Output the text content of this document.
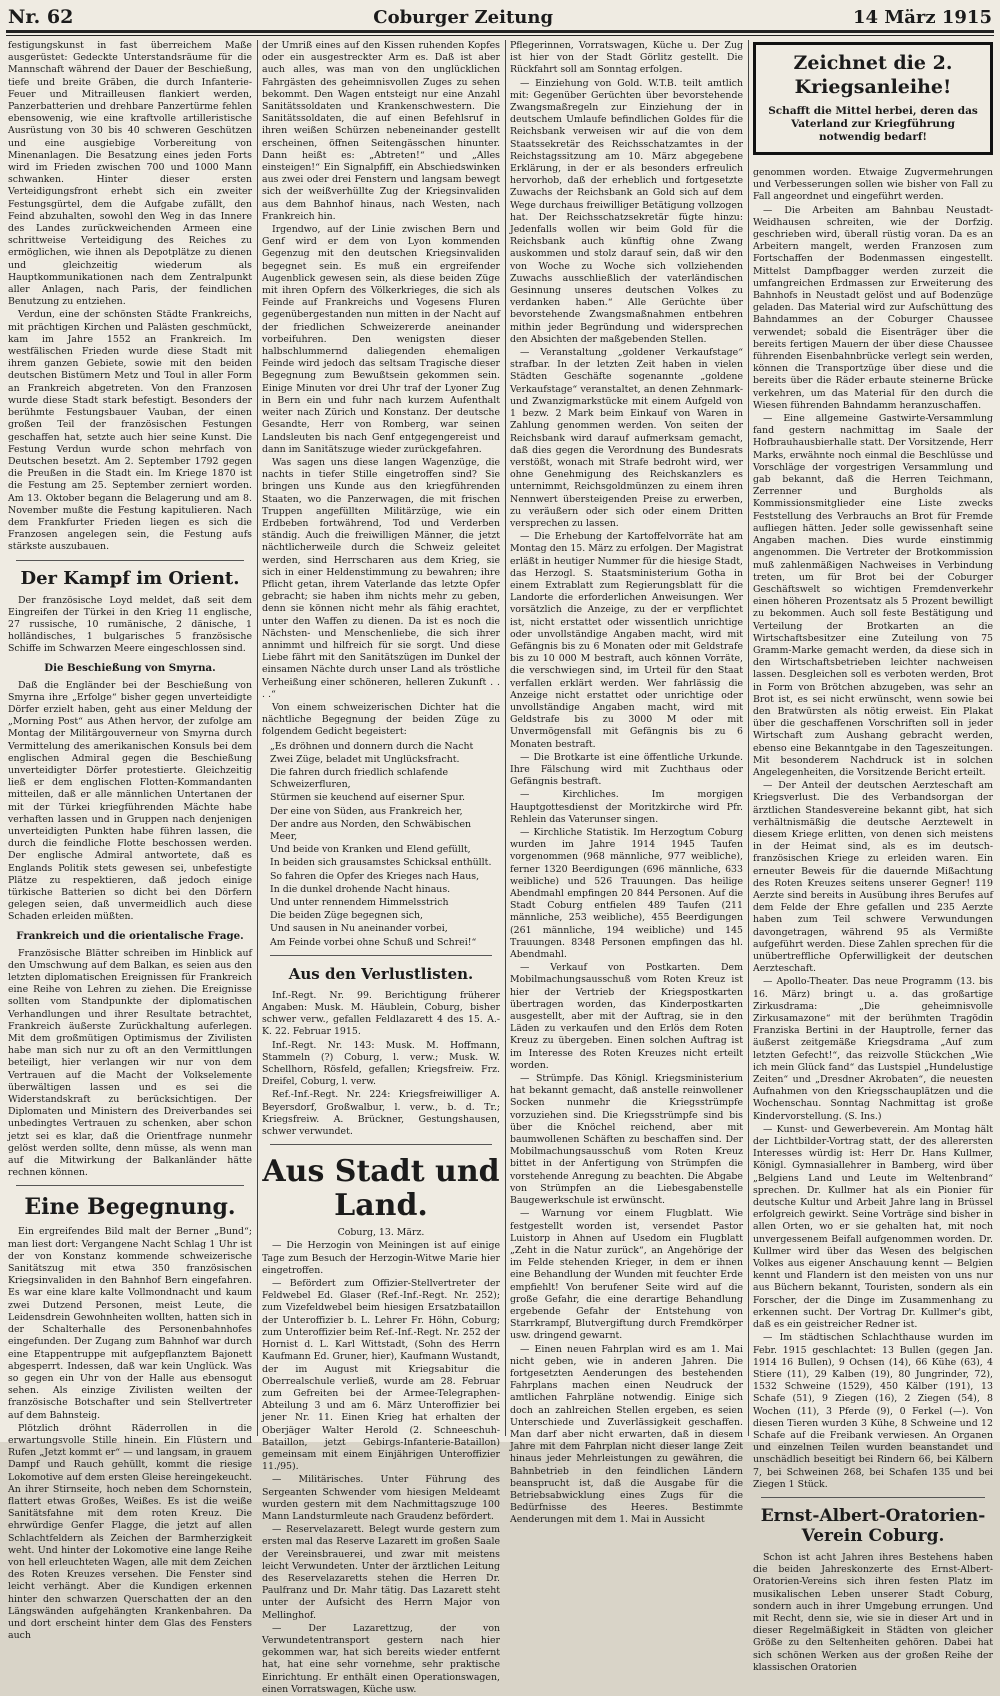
Nr. 62	Coburger Zeitung	14 März 1915

festigungskunst in fast überreichem Maße ausgerüstet: Gedeckte Unterstandsräume für die Mannschaft während der Dauer der Beschießung, tiefe und breite Gräben, die durch Infanterie-Feuer und Mitrailleusen flankiert werden, Panzerbatterien und drehbare Panzertürme fehlen ebensowenig, wie eine kraftvolle artilleristische Ausrüstung von 30 bis 40 schweren Geschützen und eine ausgiebige Vorbereitung von Minenanlagen. Die Besatzung eines jeden Forts wird im Frieden zwischen 700 und 1000 Mann schwanken. Hinter dieser ersten Verteidigungsfront erhebt sich ein zweiter Festungsgürtel, dem die Aufgabe zufällt, den Feind abzuhalten, sowohl den Weg in das Innere des Landes zurückweichenden Armeen eine schrittweise Verteidigung des Reiches zu ermöglichen, wie ihnen als Depotplätze zu dienen und gleichzeitig wiederum als Hauptkommunikationen nach dem Zentralpunkt aller Anlagen, nach Paris, der feindlichen Benutzung zu entziehen.

Verdun, eine der schönsten Städte Frankreichs, mit prächtigen Kirchen und Palästen geschmückt, kam im Jahre 1552 an Frankreich. Im westfälischen Frieden wurde diese Stadt mit ihrem ganzen Gebiete, sowie mit den beiden deutschen Bistümern Metz und Toul in aller Form an Frankreich abgetreten. Von den Franzosen wurde diese Stadt stark befestigt. Besonders der berühmte Festungsbauer Vauban, der einen großen Teil der französischen Festungen geschaffen hat, setzte auch hier seine Kunst. Die Festung Verdun wurde schon mehrfach von Deutschen besetzt. Am 2. September 1792 gegen die Preußen in die Stadt ein. Im Kriege 1870 ist die Festung am 25. September zerniert worden. Am 13. Oktober begann die Belagerung und am 8. November mußte die Festung kapitulieren. Nach dem Frankfurter Frieden liegen es sich die Franzosen angelegen sein, die Festung aufs stärkste auszubauen.

Der Kampf im Orient.

Der französische Loyd meldet, daß seit dem Eingreifen der Türkei in den Krieg 11 englische, 27 russische, 10 rumänische, 2 dänische, 1 holländisches, 1 bulgarisches 5 französische Schiffe im Schwarzen Meere eingeschlossen sind.

Die Beschießung von Smyrna.

Daß die Engländer bei der Beschießung von Smyrna ihre „Erfolge“ bisher gegen unverteidigte Dörfer erzielt haben, geht aus einer Meldung der „Morning Post“ aus Athen hervor, der zufolge am Montag der Militärgouverneur von Smyrna durch Vermittelung des amerikanischen Konsuls bei dem englischen Admiral gegen die Beschießung unverteidigter Dörfer protestierte. Gleichzeitig ließ er dem englischen Flotten-Kommandanten mitteilen, daß er alle männlichen Untertanen der mit der Türkei kriegführenden Mächte habe verhaften lassen und in Gruppen nach denjenigen unverteidigten Punkten habe führen lassen, die durch die feindliche Flotte beschossen werden. Der englische Admiral antwortete, daß es Englands Politik stets gewesen sei, unbefestigte Plätze zu respektieren, daß jedoch einige türkische Batterien so dicht bei den Dörfern gelegen seien, daß unvermeidlich auch diese Schaden erleiden müßten.

Frankreich und die orientalische Frage.

Französische Blätter schreiben im Hinblick auf den Umschwung auf dem Balkan, es seien aus den letzten diplomatischen Ereignissen für Frankreich eine Reihe von Lehren zu ziehen. Die Ereignisse sollten vom Standpunkte der diplomatischen Verhandlungen und ihrer Resultate betrachtet, Frankreich äußerste Zurückhaltung auferlegen. Mit dem großmütigen Optimismus der Zivilisten habe man sich nur zu oft an den Vermittlungen beteiligt, hier verlangen wir nur von dem Vertrauen auf die Macht der Volkselemente überwältigen lassen und es sei die Widerstandskraft zu berücksichtigen. Der Diplomaten und Ministern des Dreiverbandes sei unbedingtes Vertrauen zu schenken, aber schon jetzt sei es klar, daß die Orientfrage nunmehr gelöst werden sollte, denn müsse, als wenn man auf die Mitwirkung der Balkanländer hätte rechnen können.

Eine Begegnung.

Ein ergreifendes Bild malt der Berner „Bund“; man liest dort: Vergangene Nacht Schlag 1 Uhr ist der von Konstanz kommende schweizerische Sanitätszug mit etwa 350 französischen Kriegsinvaliden in den Bahnhof Bern eingefahren. Es war eine klare kalte Vollmondnacht und kaum zwei Dutzend Personen, meist Leute, die Leidensdrein Gewohnheiten wollten, hatten sich in der Schalterhalle des Personenbahnhofes eingefunden. Der Zugang zum Bahnhof war durch eine Etappentruppe mit aufgepflanztem Bajonett abgesperrt. Indessen, daß war kein Unglück. Was so gegen ein Uhr von der Halle aus ebensogut sehen. Als einzige Zivilisten weilten der französische Botschafter und sein Stellvertreter auf dem Bahnsteig.

Plötzlich dröhnt Räderrollen in die erwartungsvolle Stille hinein. Ein Flüstern und Rufen „Jetzt kommt er“ — und langsam, in grauem Dampf und Rauch gehüllt, kommt die riesige Lokomotive auf dem ersten Gleise hereingekeucht. An ihrer Stirnseite, hoch neben dem Schornstein, flattert etwas Großes, Weißes. Es ist die weiße Sanitätsfahne mit dem roten Kreuz. Die ehrwürdige Genfer Flagge, die jetzt auf allen Schlachtfeldern als Zeichen der Barmherzigkeit weht. Und hinter der Lokomotive eine lange Reihe von hell erleuchteten Wagen, alle mit dem Zeichen des Roten Kreuzes versehen. Die Fenster sind leicht verhängt. Aber die Kundigen erkennen hinter den schwarzen Querschatten der an den Längswänden aufgehängten Krankenbahren. Da und dort erscheint hinter dem Glas des Fensters auch

der Umriß eines auf den Kissen ruhenden Kopfes oder ein ausgestreckter Arm es. Daß ist aber auch alles, was man von den unglücklichen Fahrgästen des geheimnisvollen Zuges zu sehen bekommt. Den Wagen entsteigt nur eine Anzahl Sanitätssoldaten und Krankenschwestern. Die Sanitätssoldaten, die auf einen Befehlsruf in ihren weißen Schürzen nebeneinander gestellt erscheinen, öffnen Seitengässchen hinunter. Dann heißt es: „Abtreten!“ und „Alles einsteigen!“ Ein Signalpfiff, ein Abschiedswinken aus zwei oder drei Fenstern und langsam bewegt sich der weißverhüllte Zug der Kriegsinvaliden aus dem Bahnhof hinaus, nach Westen, nach Frankreich hin.

Irgendwo, auf der Linie zwischen Bern und Genf wird er dem von Lyon kommenden Gegenzug mit den deutschen Kriegsinvaliden begegnet sein. Es muß ein ergreifender Augenblick gewesen sein, als diese beiden Züge mit ihren Opfern des Völkerkrieges, die sich als Feinde auf Frankreichs und Vogesens Fluren gegenübergestanden nun mitten in der Nacht auf der friedlichen Schweizererde aneinander vorbeifuhren. Den wenigsten dieser halbschlummernd daliegenden ehemaligen Feinde wird jedoch das seltsam Tragische dieser Begegnung zum Bewußtsein gekommen sein. Einige Minuten vor drei Uhr traf der Lyoner Zug in Bern ein und fuhr nach kurzem Aufenthalt weiter nach Zürich und Konstanz. Der deutsche Gesandte, Herr von Romberg, war seinen Landsleuten bis nach Genf entgegengereist und dann im Sanitätszuge wieder zurückgefahren.

Was sagen uns diese langen Wagenzüge, die nachts in tiefer Stille eingetroffen sind? Sie bringen uns Kunde aus den kriegführenden Staaten, wo die Panzerwagen, die mit frischen Truppen angefüllten Militärzüge, wie ein Erdbeben fortwährend, Tod und Verderben ständig. Auch die freiwilligen Männer, die jetzt nächtlicherweile durch die Schweiz geleitet werden, sind Herrscharen aus dem Krieg, sie sich in einer Heldenstimmung zu bewahren; ihre Pflicht getan, ihrem Vaterlande das letzte Opfer gebracht; sie haben ihm nichts mehr zu geben, denn sie können nicht mehr als fähig erachtet, unter den Waffen zu dienen. Da ist es noch die Nächsten- und Menschenliebe, die sich ihrer annimmt und hilfreich für sie sorgt. Und diese Liebe fährt mit den Sanitätszügen im Dunkel der einsamen Nächte durch unser Land als tröstliche Verheißung einer schöneren, helleren Zukunft . . . .“

Von einem schweizerischen Dichter hat die nächtliche Begegnung der beiden Züge zu folgendem Gedicht begeistert:

„Es dröhnen und donnern durch die Nacht
Zwei Züge, beladet mit Unglücksfracht.
Die fahren durch friedlich schlafende Schweizerfluren,
Stürmen sie keuchend auf eiserner Spur.
Der eine von Süden, aus Frankreich her,
Der andre aus Norden, den Schwäbischen Meer,
Und beide von Kranken und Elend gefüllt,
In beiden sich grausamstes Schicksal enthüllt.
So fahren die Opfer des Krieges nach Haus,
In die dunkel drohende Nacht hinaus.
Und unter rennendem Himmelsstrich
Die beiden Züge begegnen sich,
Und sausen in Nu aneinander vorbei,
Am Feinde vorbei ohne Schuß und Schrei!“
Aus den Verlustlisten.

Inf.-Regt. Nr. 99. Berichtigung früherer Angaben: Musk. M. Häublein, Coburg, bisher schwer verw., gefallen Feldlazarett 4 des 15. A.-K. 22. Februar 1915.

Inf.-Regt. Nr. 143: Musk. M. Hoffmann, Stammeln (?) Coburg, l. verw.; Musk. W. Schellhorn, Rösfeld, gefallen; Kriegsfreiw. Frz. Dreifel, Coburg, l. verw.

Ref.-Inf.-Regt. Nr. 224: Kriegsfreiwilliger A. Beyersdorf, Großwalbur, l. verw., b. d. Tr.; Kriegsfreiw. A. Brückner, Gestungshausen, schwer verwundet.

Aus Stadt und Land.

Coburg, 13. März.

— Die Herzogin von Meiningen ist auf einige Tage zum Besuch der Herzogin-Witwe Marie hier eingetroffen.

— Befördert zum Offizier-Stellvertreter der Feldwebel Ed. Glaser (Ref.-Inf.-Regt. Nr. 252); zum Vizefeldwebel beim hiesigen Ersatzbataillon der Unteroffizier b. L. Lehrer Fr. Höhn, Coburg; zum Unteroffizier beim Ref.-Inf.-Regt. Nr. 252 der Hornist d. L. Karl Wittstadt, (Sohn des Herrn Kaufmann Ed. Gruner, hier), Kaufmann Wustandt, der im August mit Kriegsabitur die Oberrealschule verließ, wurde am 28. Februar zum Gefreiten bei der Armee-Telegraphen-Abteilung 3 und am 6. März Unteroffizier bei jener Nr. 11. Einen Krieg hat erhalten der Oberjäger Walter Herold (2. Schneeschuh-Bataillon, jetzt Gebirgs-Infanterie-Bataillon) gemeinsam mit einem Einjährigen Unteroffizier 11./95).

— Militärisches. Unter Führung des Sergeanten Schwender vom hiesigen Meldeamt wurden gestern mit dem Nachmittagszuge 100 Mann Landsturmleute nach Graudenz befördert.

— Reservelazarett. Belegt wurde gestern zum ersten mal das Reserve Lazarett im großen Saale der Vereinsbrauerei, und zwar mit meistens leicht Verwundeten. Unter der ärztlichen Leitung des Reservelazaretts stehen die Herren Dr. Paulfranz und Dr. Mahr tätig. Das Lazarett steht unter der Aufsicht des Herrn Major von Mellinghof.

— Der Lazarettzug, der von Verwundetentransport gestern nach hier gekommen war, hat sich bereits wieder entfernt hat, hat eine sehr vornehme, sehr praktische Einrichtung. Er enthält einen Operationswagen, einen Vorratswagen, Küche usw.

Pflegerinnen, Vorratswagen, Küche u. Der Zug ist hier von der Stadt Görlitz gestellt. Die Rückfahrt soll am Sonntag erfolgen.

— Einziehung von Gold. W.T.B. teilt amtlich mit: Gegenüber Gerüchten über bevorstehende Zwangsmaßregeln zur Einziehung der in deutschem Umlaufe befindlichen Goldes für die Reichsbank verweisen wir auf die von dem Staatssekretär des Reichsschatzamtes in der Reichstagssitzung am 10. März abgegebene Erklärung, in der er als besonders erfreulich hervorhob, daß der erheblich und fortgesetzte Zuwachs der Reichsbank an Gold sich auf dem Wege durchaus freiwilliger Betätigung vollzogen hat. Der Reichsschatzsekretär fügte hinzu: Jedenfalls wollen wir beim Gold für die Reichsbank auch künftig ohne Zwang auskommen und stolz darauf sein, daß wir den von Woche zu Woche sich vollziehenden Zuwachs ausschließlich der vaterländischen Gesinnung unseres deutschen Volkes zu verdanken haben.“ Alle Gerüchte über bevorstehende Zwangsmaßnahmen entbehren mithin jeder Begründung und widersprechen den Absichten der maßgebenden Stellen.

— Veranstaltung „goldener Verkaufstage“ strafbar. In der letzten Zeit haben in vielen Städten Geschäfte sogenannte „goldene Verkaufstage“ veranstaltet, an denen Zehnmark- und Zwanzigmarkstücke mit einem Aufgeld von 1 bezw. 2 Mark beim Einkauf von Waren in Zahlung genommen werden. Von seiten der Reichsbank wird darauf aufmerksam gemacht, daß dies gegen die Verordnung des Bundesrats verstößt, wonach mit Strafe bedroht wird, wer ohne Genehmigung des Reichskanzlers es unternimmt, Reichsgoldmünzen zu einem ihren Nennwert übersteigenden Preise zu erwerben, zu veräußern oder sich oder einem Dritten versprechen zu lassen.

— Die Erhebung der Kartoffelvorräte hat am Montag den 15. März zu erfolgen. Der Magistrat erläßt in heutiger Nummer für die hiesige Stadt, das Herzogl. S. Staatsministerium Gotha in einem Extrablatt zum Regierungsblatt für die Landorte die erforderlichen Anweisungen. Wer vorsätzlich die Anzeige, zu der er verpflichtet ist, nicht erstattet oder wissentlich unrichtige oder unvollständige Angaben macht, wird mit Gefängnis bis zu 6 Monaten oder mit Geldstrafe bis zu 10 000 M bestraft, auch können Vorräte, die verschwiegen sind, im Urteil für den Staat verfallen erklärt werden. Wer fahrlässig die Anzeige nicht erstattet oder unrichtige oder unvollständige Angaben macht, wird mit Geldstrafe bis zu 3000 M oder mit Unvermögensfall mit Gefängnis bis zu 6 Monaten bestraft.

— Die Brotkarte ist eine öffentliche Urkunde. Ihre Fälschung wird mit Zuchthaus oder Gefängnis bestraft.

— Kirchliches. Im morgigen Hauptgottesdienst der Moritzkirche wird Pfr. Rehlein das Vaterunser singen.

— Kirchliche Statistik. Im Herzogtum Coburg wurden im Jahre 1914 1945 Taufen vorgenommen (968 männliche, 977 weibliche), ferner 1320 Beerdigungen (696 männliche, 633 weibliche) und 526 Trauungen. Das heilige Abendmahl empfingen 20 844 Personen. Auf die Stadt Coburg entfielen 489 Taufen (211 männliche, 253 weibliche), 455 Beerdigungen (261 männliche, 194 weibliche) und 145 Trauungen. 8348 Personen empfingen das hl. Abendmahl.

— Verkauf von Postkarten. Dem Mobilmachungsausschuß vom Roten Kreuz ist hier der Vertrieb der Kriegspostkarten übertragen worden, das Kinderpostkarten ausgestellt, aber mit der Auftrag, sie in den Läden zu verkaufen und den Erlös dem Roten Kreuz zu übergeben. Einen solchen Auftrag ist im Interesse des Roten Kreuzes nicht erteilt worden.

— Strümpfe. Das Königl. Kriegsministerium hat bekannt gemacht, daß anstelle reinwollener Socken nunmehr die Kriegsstrümpfe vorzuziehen sind. Die Kriegsstrümpfe sind bis über die Knöchel reichend, aber mit baumwollenen Schäften zu beschaffen sind. Der Mobilmachungsausschuß vom Roten Kreuz bittet in der Anfertigung von Strümpfen die vorstehende Anregung zu beachten. Die Abgabe von Strümpfen an die Liebesgabenstelle Baugewerkschule ist erwünscht.

— Warnung vor einem Flugblatt. Wie festgestellt worden ist, versendet Pastor Luistorp in Ahnen auf Usedom ein Flugblatt „Zeht in die Natur zurück“, an Angehörige der im Felde stehenden Krieger, in dem er ihnen eine Behandlung der Wunden mit feuchter Erde empfiehlt! Von berufener Seite wird auf die große Gefahr, die eine derartige Behandlung ergebende Gefahr der Entstehung von Starrkrampf, Blutvergiftung durch Fremdkörper usw. dringend gewarnt.

— Einen neuen Fahrplan wird es am 1. Mai nicht geben, wie in anderen Jahren. Die fortgesetzten Aenderungen des bestehenden Fahrplans machen einen Neudruck der amtlichen Fahrpläne notwendig. Einige sich doch an zahlreichen Stellen ergeben, es seien Unterschiede und Zuverlässigkeit geschaffen. Man darf aber nicht erwarten, daß in diesem Jahre mit dem Fahrplan nicht dieser lange Zeit hinaus jeder Mehrleistungen zu gewähren, die Bahnbetrieb in den feindlichen Ländern beansprucht ist, daß die Ausgabe für die Betriebsabwicklung eines Zugs für die Bedürfnisse des Heeres. Bestimmte Aenderungen mit dem 1. Mai in Aussicht

Zeichnet die 2. Kriegsanleihe!
Schafft die Mittel herbei, deren das Vaterland zur Kriegführung notwendig bedarf!

genommen worden. Etwaige Zugvermehrungen und Verbesserungen sollen wie bisher von Fall zu Fall angeordnet und eingeführt werden.

— Die Arbeiten am Bahnbau Neustadt-Weidhausen schreiten, wie der Dorfzig. geschrieben wird, überall rüstig voran. Da es an Arbeitern mangelt, werden Franzosen zum Fortschaffen der Bodenmassen eingestellt. Mittelst Dampfbagger werden zurzeit die umfangreichen Erdmassen zur Erweiterung des Bahnhofs in Neustadt gelöst und auf Bodenzüge geladen. Das Material wird zur Aufschüttung des Bahndammes an der Coburger Chaussee verwendet; sobald die Eisenträger über die bereits fertigen Mauern der über diese Chaussee führenden Eisenbahnbrücke verlegt sein werden, können die Transportzüge über diese und die bereits über die Räder erbaute steinerne Brücke verkehren, um das Material für den durch die Wiesen führenden Bahndamm heranzuschaffen.

— Eine allgemeine Gastwirte-Versammlung fand gestern nachmittag im Saale der Hofbrauhausbierhalle statt. Der Vorsitzende, Herr Marks, erwähnte noch einmal die Beschlüsse und Vorschläge der vorgestrigen Versammlung und gab bekannt, daß die Herren Teichmann, Zerrenner und Burgholds als Kommissionsmitglieder eine Liste zwecks Feststellung des Verbrauchs an Brot für Fremde aufliegen hätten. Jeder solle gewissenhaft seine Angaben machen. Dies wurde einstimmig angenommen. Die Vertreter der Brotkommission muß zahlenmäßigen Nachweises in Verbindung treten, um für Brot bei der Coburger Geschäftswelt so wichtigen Fremdenverkehr einen höheren Prozentsatz als 5 Prozent bewilligt zu bekommen. Auch soll feste Bestätigung und Verteilung der Brotkarten an die Wirtschaftsbesitzer eine Zuteilung von 75 Gramm-Marke gemacht werden, da diese sich in den Wirtschaftsbetrieben leichter nachweisen lassen. Desgleichen soll es verboten werden, Brot in Form von Brötchen abzugeben, was sehr an Brot ist, es sei nicht erwünscht, wenn sowie bei den Bratwürsten als nötig erweist. Ein Plakat über die geschaffenen Vorschriften soll in jeder Wirtschaft zum Aushang gebracht werden, ebenso eine Bekanntgabe in den Tageszeitungen. Mit besonderem Nachdruck ist in solchen Angelegenheiten, die Vorsitzende Bericht erteilt.

— Der Anteil der deutschen Aerzteschaft am Kriegsverlust. Die des Verbandsorgan der ärztlichen Standesvereine bekannt gibt, hat sich verhältnismäßig die deutsche Aerztewelt in diesem Kriege erlitten, von denen sich meistens in der Heimat sind, als es im deutsch-französischen Kriege zu erleiden waren. Ein erneuter Beweis für die dauernde Mißachtung des Roten Kreuzes seitens unserer Gegner! 119 Aerzte sind bereits in Ausübung ihres Berufes auf dem Felde der Ehre gefallen und 235 Aerzte haben zum Teil schwere Verwundungen davongetragen, während 95 als Vermißte aufgeführt werden. Diese Zahlen sprechen für die unübertreffliche Opferwilligkeit der deutschen Aerzteschaft.

— Apollo-Theater. Das neue Programm (13. bis 16. März) bringt u. a. das großartige Zirkusdrama: „Die geheimnisvolle Zirkusamazone“ mit der berühmten Tragödin Franziska Bertini in der Hauptrolle, ferner das äußerst zeitgemäße Kriegsdrama „Auf zum letzten Gefecht!“, das reizvolle Stückchen „Wie ich mein Glück fand“ das Lustspiel „Hundelustige Zeiten“ und „Dresdner Akrobaten“, die neuesten Aufnahmen von den Kriegsschauplätzen und die Wochenschau. Sonntag Nachmittag ist große Kindervorstellung. (S. Ins.)

— Kunst- und Gewerbeverein. Am Montag hält der Lichtbilder-Vortrag statt, der des allerersten Interesses würdig ist: Herr Dr. Hans Kullmer, Königl. Gymnasiallehrer in Bamberg, wird über „Belgiens Land und Leute im Weltenbrand“ sprechen. Dr. Kullmer hat als ein Pionier für deutsche Kultur und Arbeit Jahre lang in Brüssel erfolgreich gewirkt. Seine Vorträge sind bisher in allen Orten, wo er sie gehalten hat, mit noch unvergessenem Beifall aufgenommen worden. Dr. Kullmer wird über das Wesen des belgischen Volkes aus eigener Anschauung kennt — Belgien kennt und Flandern ist den meisten von uns nur aus Büchern bekannt, Touristen, sondern als ein Forscher, der die Dinge im Zusammenhang zu erkennen sucht. Der Vortrag Dr. Kullmer's gibt, daß es ein geistreicher Redner ist.

— Im städtischen Schlachthause wurden im Febr. 1915 geschlachtet: 13 Bullen (gegen Jan. 1914 16 Bullen), 9 Ochsen (14), 66 Kühe (63), 4 Stiere (11), 29 Kalben (19), 80 Jungrinder, 72), 1532 Schweine (1529), 450 Kälber (191), 13 Schafe (51), 9 Ziegen (16), 2 Ziegen (54), 8 Wochen (11), 3 Pferde (9), 0 Ferkel (—). Von diesen Tieren wurden 3 Kühe, 8 Schweine und 12 Schafe auf die Freibank verwiesen. An Organen und einzelnen Teilen wurden beanstandet und unschädlich beseitigt bei Rindern 66, bei Kälbern 7, bei Schweinen 268, bei Schafen 135 und bei Ziegen 1 Stück.

Ernst-Albert-Oratorien-Verein Coburg.

Schon ist acht Jahren ihres Bestehens haben die beiden Jahreskonzerte des Ernst-Albert-Oratorien-Vereins sich ihren festen Platz im musikalischen Leben unserer Stadt Coburg, sondern auch in ihrer Umgebung errungen. Und mit Recht, denn sie, wie sie in dieser Art und in dieser Regelmäßigkeit in Städten von gleicher Größe zu den Seltenheiten gehören. Dabei hat sich schönen Werken aus der großen Reihe der klassischen Oratorien
